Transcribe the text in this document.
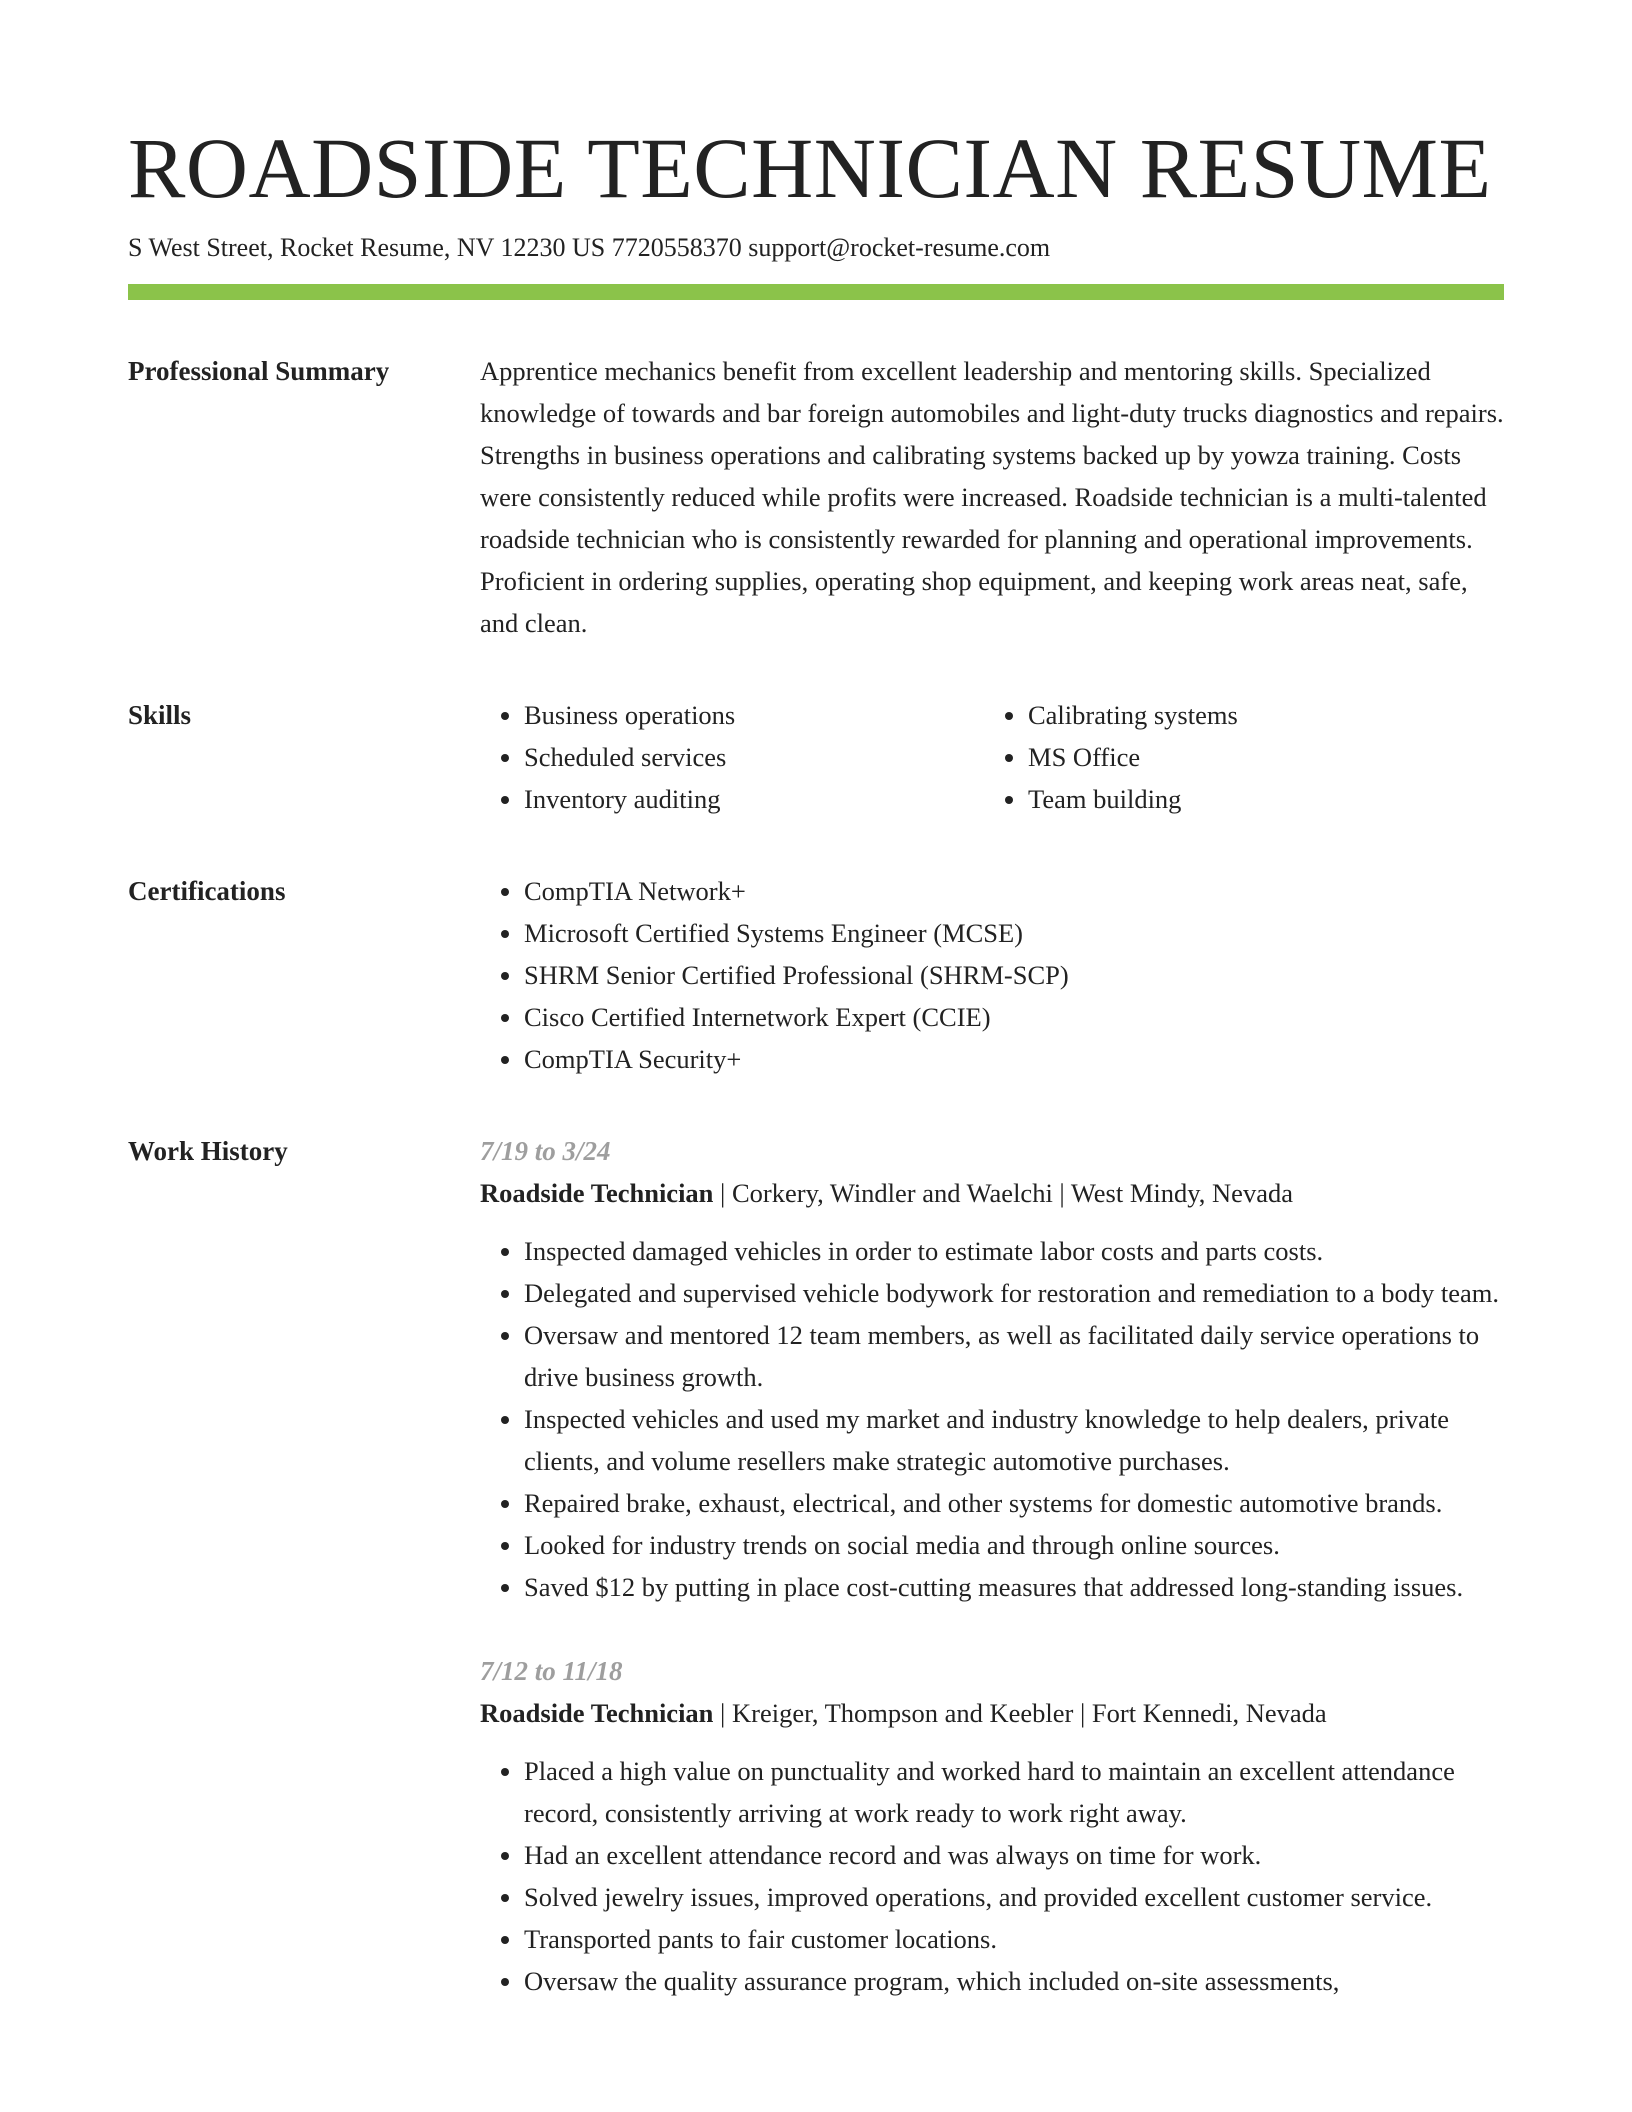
ROADSIDE TECHNICIAN RESUME
S West Street, Rocket Resume, NV 12230 US 7720558370 support@rocket-resume.com
Professional Summary	Apprentice mechanics benefit from excellent leadership and mentoring skills. Specialized knowledge of towards and bar foreign automobiles and light-duty trucks diagnostics and repairs. Strengths in business operations and calibrating systems backed up by yowza training. Costs were consistently reduced while profits were increased. Roadside technician is a multi-talented roadside technician who is consistently rewarded for planning and operational improvements. Proficient in ordering supplies, operating shop equipment, and keeping work areas neat, safe, and clean.

Skills	• Business operations
• Scheduled services
• Inventory auditing
• Calibrating systems
• MS Office
• Team building
Certifications	• CompTIA Network+
• Microsoft Certified Systems Engineer (MCSE)
• SHRM Senior Certified Professional (SHRM-SCP)
• Cisco Certified Internetwork Expert (CCIE)
• CompTIA Security+
Work History	7/19 to 3/24
Roadside Technician | Corkery, Windler and Waelchi | West Mindy, Nevada
• Inspected damaged vehicles in order to estimate labor costs and parts costs.
• Delegated and supervised vehicle bodywork for restoration and remediation to a body team.
• Oversaw and mentored 12 team members, as well as facilitated daily service operations to drive business growth.
• Inspected vehicles and used my market and industry knowledge to help dealers, private clients, and volume resellers make strategic automotive purchases.
• Repaired brake, exhaust, electrical, and other systems for domestic automotive brands.
• Looked for industry trends on social media and through online sources.
• Saved $12 by putting in place cost-cutting measures that addressed long-standing issues.
7/12 to 11/18
Roadside Technician | Kreiger, Thompson and Keebler | Fort Kennedi, Nevada
• Placed a high value on punctuality and worked hard to maintain an excellent attendance record, consistently arriving at work ready to work right away.
• Had an excellent attendance record and was always on time for work.
• Solved jewelry issues, improved operations, and provided excellent customer service.
• Transported pants to fair customer locations.
• Oversaw the quality assurance program, which included on-site assessments,
